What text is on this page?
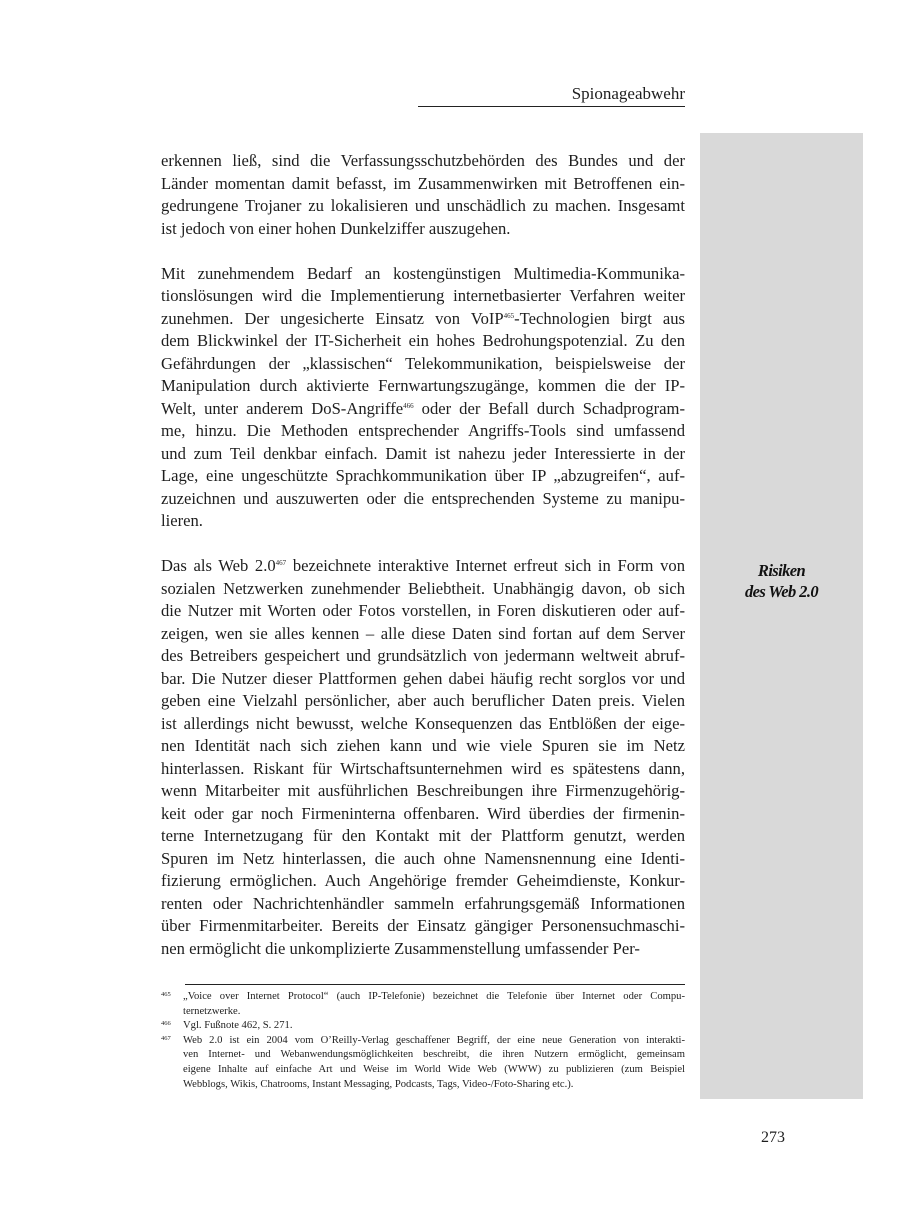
Spionageabwehr
Risiken
des Web 2.0

erkennen ließ, sind die Verfassungsschutzbehörden des Bundes und der
Länder momentan damit befasst, im Zusammenwirken mit Betroffenen ein-
gedrungene Trojaner zu lokalisieren und unschädlich zu machen. Insgesamt
ist jedoch von einer hohen Dunkelziffer auszugehen.

Mit zunehmendem Bedarf an kostengünstigen Multimedia-Kommunika-
tionslösungen wird die Implementierung internetbasierter Verfahren weiter
zunehmen. Der ungesicherte Einsatz von VoIP$^{465}$-Technologien birgt aus
dem Blickwinkel der IT-Sicherheit ein hohes Bedrohungspotenzial. Zu den
Gefährdungen der „klassischen“ Telekommunikation, beispielsweise der
Manipulation durch aktivierte Fernwartungszugänge, kommen die der IP-
Welt, unter anderem DoS-Angriffe$^{466}$ oder der Befall durch Schadprogram-
me, hinzu. Die Methoden entsprechender Angriffs-Tools sind umfassend
und zum Teil denkbar einfach. Damit ist nahezu jeder Interessierte in der
Lage, eine ungeschützte Sprachkommunikation über IP „abzugreifen“, auf-
zuzeichnen und auszuwerten oder die entsprechenden Systeme zu manipu-
lieren.

Das als Web 2.0$^{467}$ bezeichnete interaktive Internet erfreut sich in Form von
sozialen Netzwerken zunehmender Beliebtheit. Unabhängig davon, ob sich
die Nutzer mit Worten oder Fotos vorstellen, in Foren diskutieren oder auf-
zeigen, wen sie alles kennen – alle diese Daten sind fortan auf dem Server
des Betreibers gespeichert und grundsätzlich von jedermann weltweit abruf-
bar. Die Nutzer dieser Plattformen gehen dabei häufig recht sorglos vor und
geben eine Vielzahl persönlicher, aber auch beruflicher Daten preis. Vielen
ist allerdings nicht bewusst, welche Konsequenzen das Entblößen der eige-
nen Identität nach sich ziehen kann und wie viele Spuren sie im Netz
hinterlassen. Riskant für Wirtschaftsunternehmen wird es spätestens dann,
wenn Mitarbeiter mit ausführlichen Beschreibungen ihre Firmenzugehörig-
keit oder gar noch Firmeninterna offenbaren. Wird überdies der firmenin-
terne Internetzugang für den Kontakt mit der Plattform genutzt, werden
Spuren im Netz hinterlassen, die auch ohne Namensnennung eine Identi-
fizierung ermöglichen. Auch Angehörige fremder Geheimdienste, Konkur-
renten oder Nachrichtenhändler sammeln erfahrungsgemäß Informationen
über Firmenmitarbeiter. Bereits der Einsatz gängiger Personensuchmaschi-
nen ermöglicht die unkomplizierte Zusammenstellung umfassender Per-

465 „Voice over Internet Protocol“ (auch IP-Telefonie) bezeichnet die Telefonie über Internet oder Compu-
ternetzwerke.
466 Vgl. Fußnote 462, S. 271.
467 Web 2.0 ist ein 2004 vom O’Reilly-Verlag geschaffener Begriff, der eine neue Generation von interakti-
ven Internet- und Webanwendungsmöglichkeiten beschreibt, die ihren Nutzern ermöglicht, gemeinsam
eigene Inhalte auf einfache Art und Weise im World Wide Web (WWW) zu publizieren (zum Beispiel
Webblogs, Wikis, Chatrooms, Instant Messaging, Podcasts, Tags, Video-/Foto-Sharing etc.).
273
